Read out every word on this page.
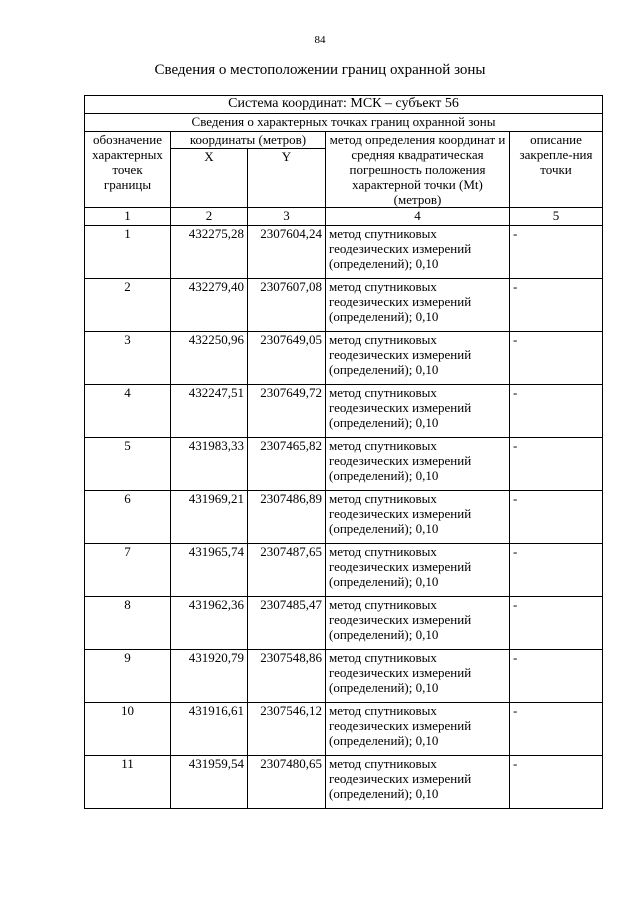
84
Сведения о местоположении границ охранной зоны
Система координат: МСК – субъект 56				
Сведения о характерных точках границ охранной зоны				
обозначение характерных точек границы	координаты (метров)		метод определения координат и средняя квадратическая погрешность положения характерной точки (Mt) (метров)	описание закрепле-ния точки
	X	Y		
1	2	3	4	5
1	432275,28	2307604,24	метод спутниковых геодезических измерений (определений); 0,10	-
2	432279,40	2307607,08	метод спутниковых геодезических измерений (определений); 0,10	-
3	432250,96	2307649,05	метод спутниковых геодезических измерений (определений); 0,10	-
4	432247,51	2307649,72	метод спутниковых геодезических измерений (определений); 0,10	-
5	431983,33	2307465,82	метод спутниковых геодезических измерений (определений); 0,10	-
6	431969,21	2307486,89	метод спутниковых геодезических измерений (определений); 0,10	-
7	431965,74	2307487,65	метод спутниковых геодезических измерений (определений); 0,10	-
8	431962,36	2307485,47	метод спутниковых геодезических измерений (определений); 0,10	-
9	431920,79	2307548,86	метод спутниковых геодезических измерений (определений); 0,10	-
10	431916,61	2307546,12	метод спутниковых геодезических измерений (определений); 0,10	-
11	431959,54	2307480,65	метод спутниковых геодезических измерений (определений); 0,10	-
